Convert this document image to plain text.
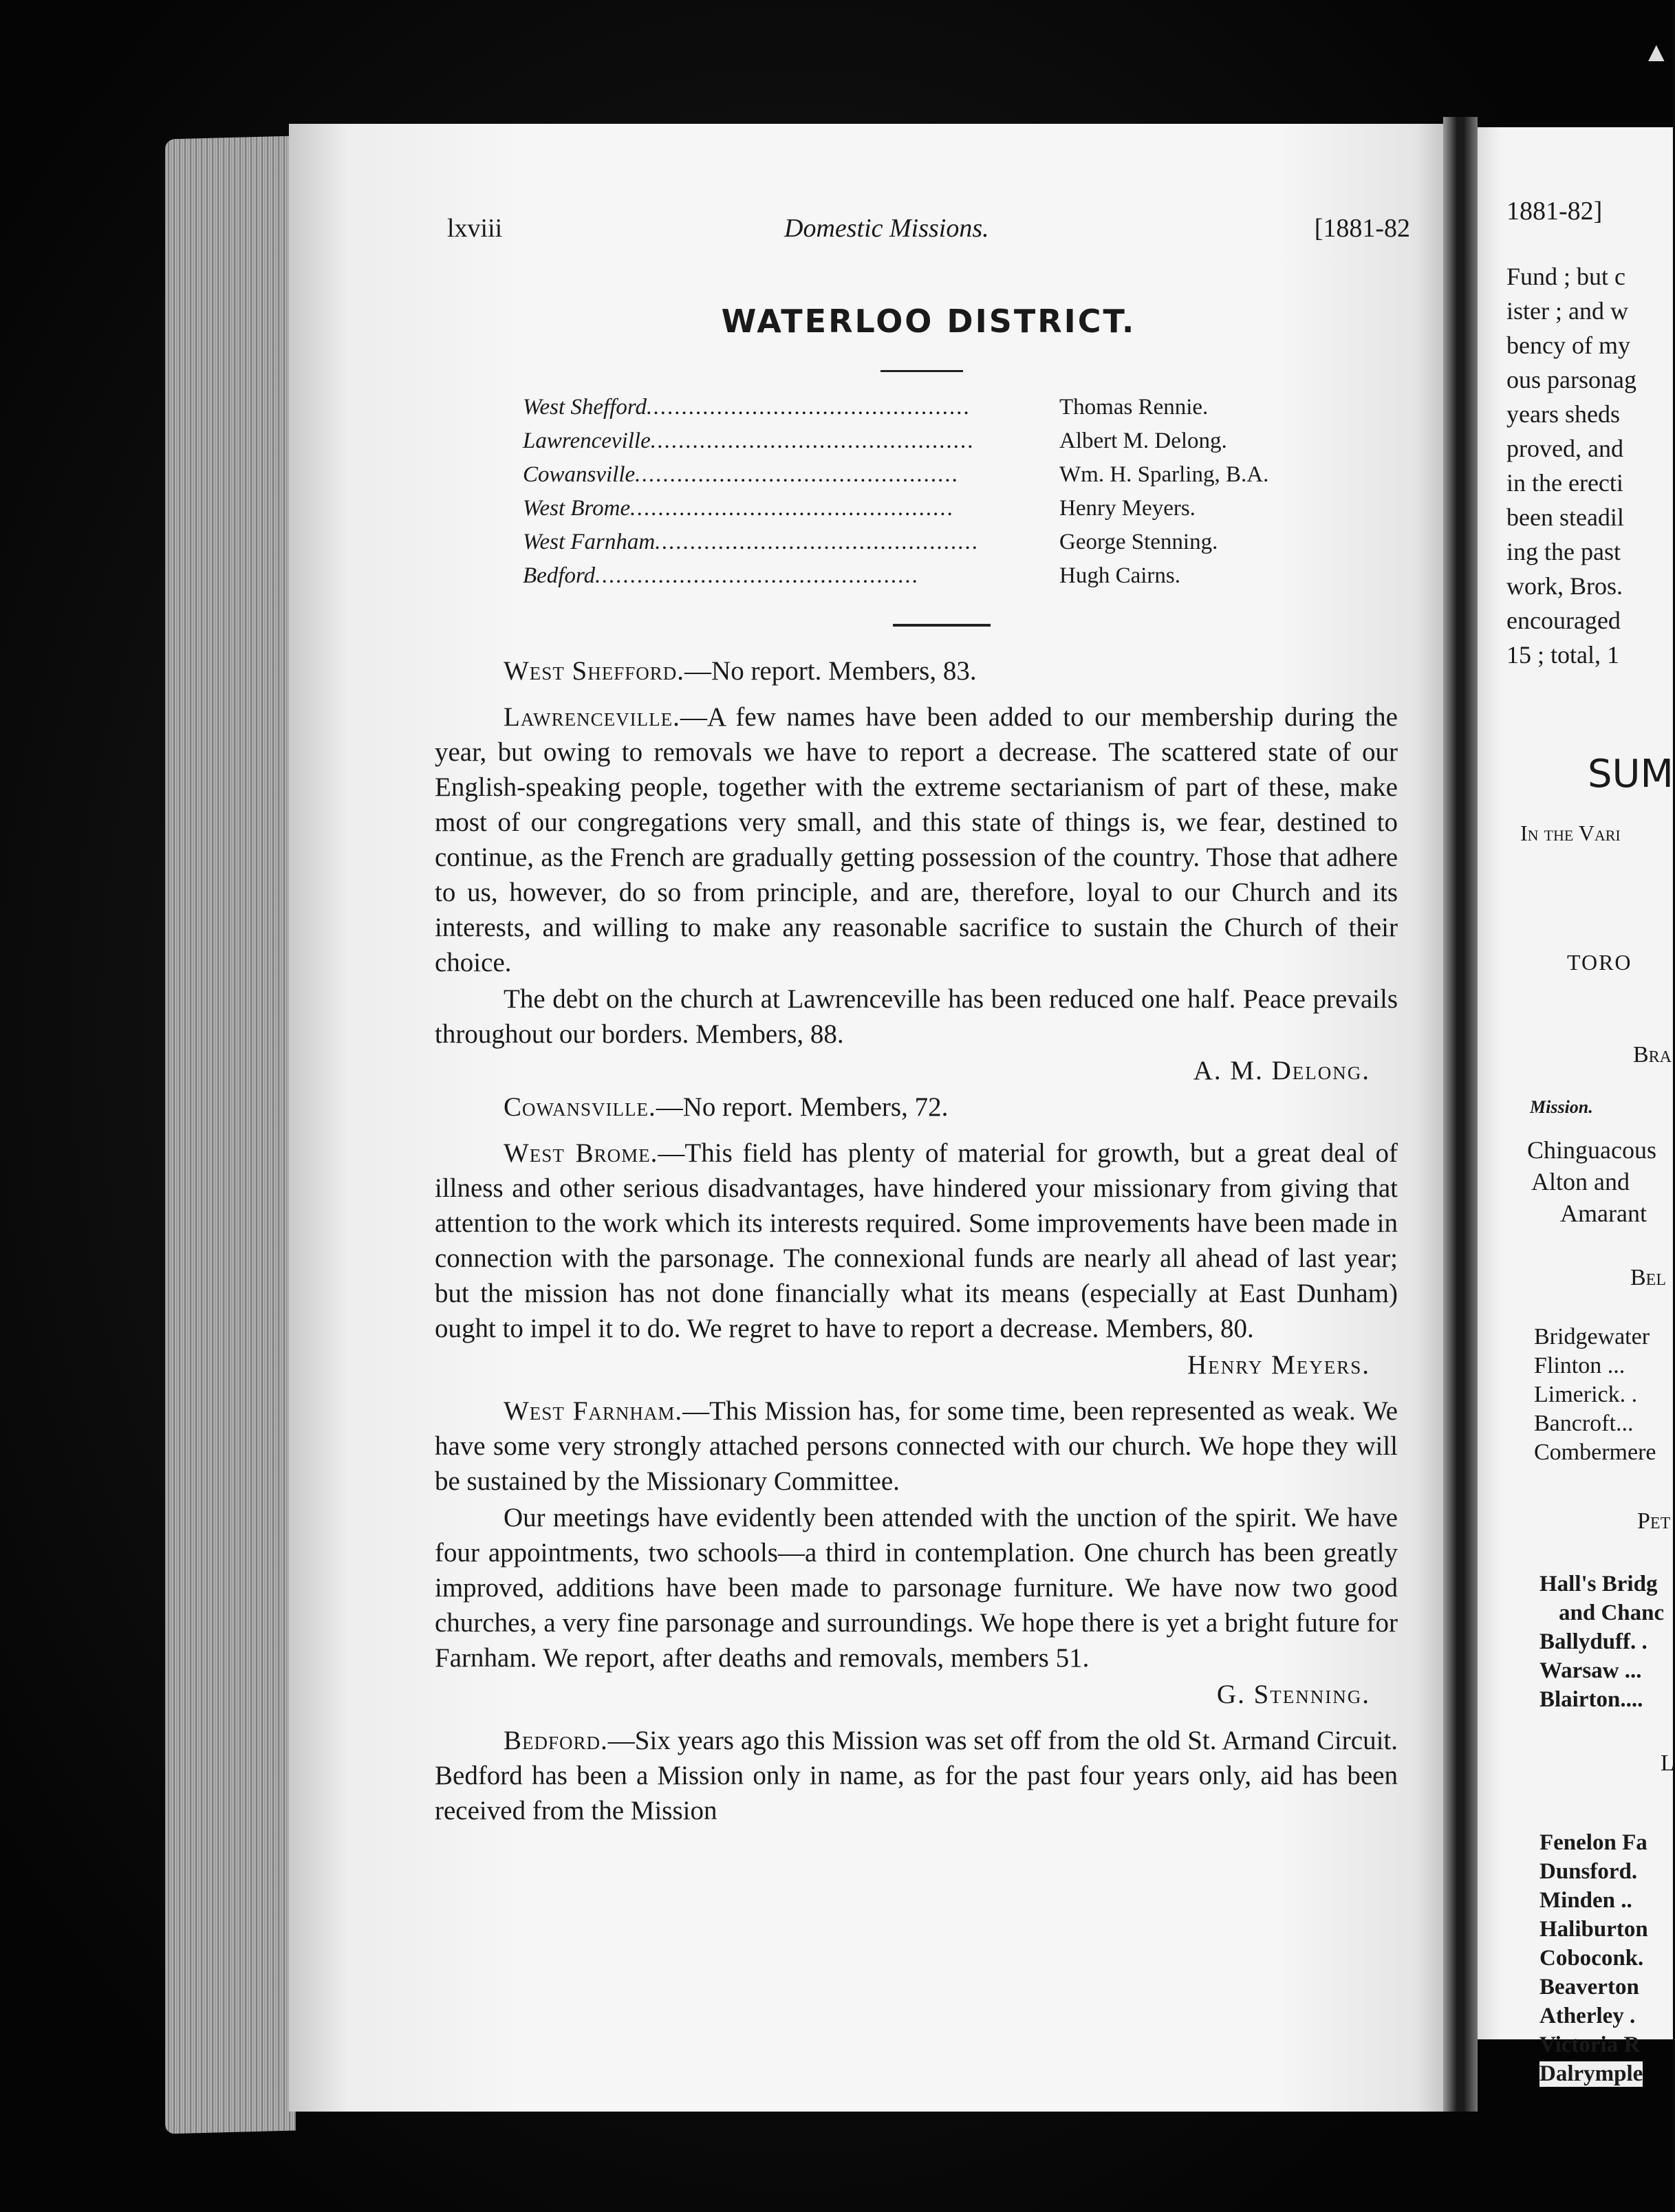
▲
lxviii	Domestic Missions.	[1881-82
WATERLOO DISTRICT.
West Shefford..............................................	Thomas Rennie.
Lawrenceville..............................................	Albert M. Delong.
Cowansville..............................................	Wm. H. Sparling, B.A.
West Brome..............................................	Henry Meyers.
West Farnham..............................................	George Stenning.
Bedford..............................................	Hugh Cairns.

West Shefford.—No report. Members, 83.

Lawrenceville.—A few names have been added to our membership during the year, but owing to removals we have to report a decrease. The scattered state of our English-speaking people, together with the extreme sectarianism of part of these, make most of our congregations very small, and this state of things is, we fear, destined to continue, as the French are gradually getting possession of the country. Those that adhere to us, however, do so from principle, and are, therefore, loyal to our Church and its interests, and willing to make any reasonable sacrifice to sustain the Church of their choice.

The debt on the church at Lawrenceville has been reduced one half. Peace prevails throughout our borders. Members, 88.

A. M. Delong.

Cowansville.—No report. Members, 72.

West Brome.—This field has plenty of material for growth, but a great deal of illness and other serious disadvantages, have hindered your missionary from giving that attention to the work which its interests required. Some improvements have been made in connection with the parsonage. The connexional funds are nearly all ahead of last year; but the mission has not done financially what its means (especially at East Dunham) ought to impel it to do. We regret to have to report a decrease. Members, 80.

Henry Meyers.

West Farnham.—This Mission has, for some time, been represented as weak. We have some very strongly attached persons connected with our church. We hope they will be sustained by the Missionary Committee.

Our meetings have evidently been attended with the unction of the spirit. We have four appointments, two schools—a third in contemplation. One church has been greatly improved, additions have been made to parsonage furniture. We have now two good churches, a very fine parsonage and surroundings. We hope there is yet a bright future for Farnham. We report, after deaths and removals, members 51.

G. Stenning.

Bedford.—Six years ago this Mission was set off from the old St. Armand Circuit. Bedford has been a Mission only in name, as for the past four years only, aid has been received from the Mission

1881-82]
Fund ; but c
ister ; and w
bency of my
ous parsonag
years sheds
proved, and
in the erecti
been steadil
ing the past
work, Bros.
encouraged
15 ; total, 1
SUM
In the Vari
TORO
Bra
Mission.
Chinguacous
Alton and
Amarant
Bel
Bridgewater
Flinton ...
Limerick. .
Bancroft...
Combermere
Pet
Hall's Bridg
and Chanc
Ballyduff. .
Warsaw ...
Blairton....
L
Fenelon Fa
Dunsford.
Minden ..
Haliburton
Coboconk.
Beaverton
Atherley .
Victoria R
Dalrymple
